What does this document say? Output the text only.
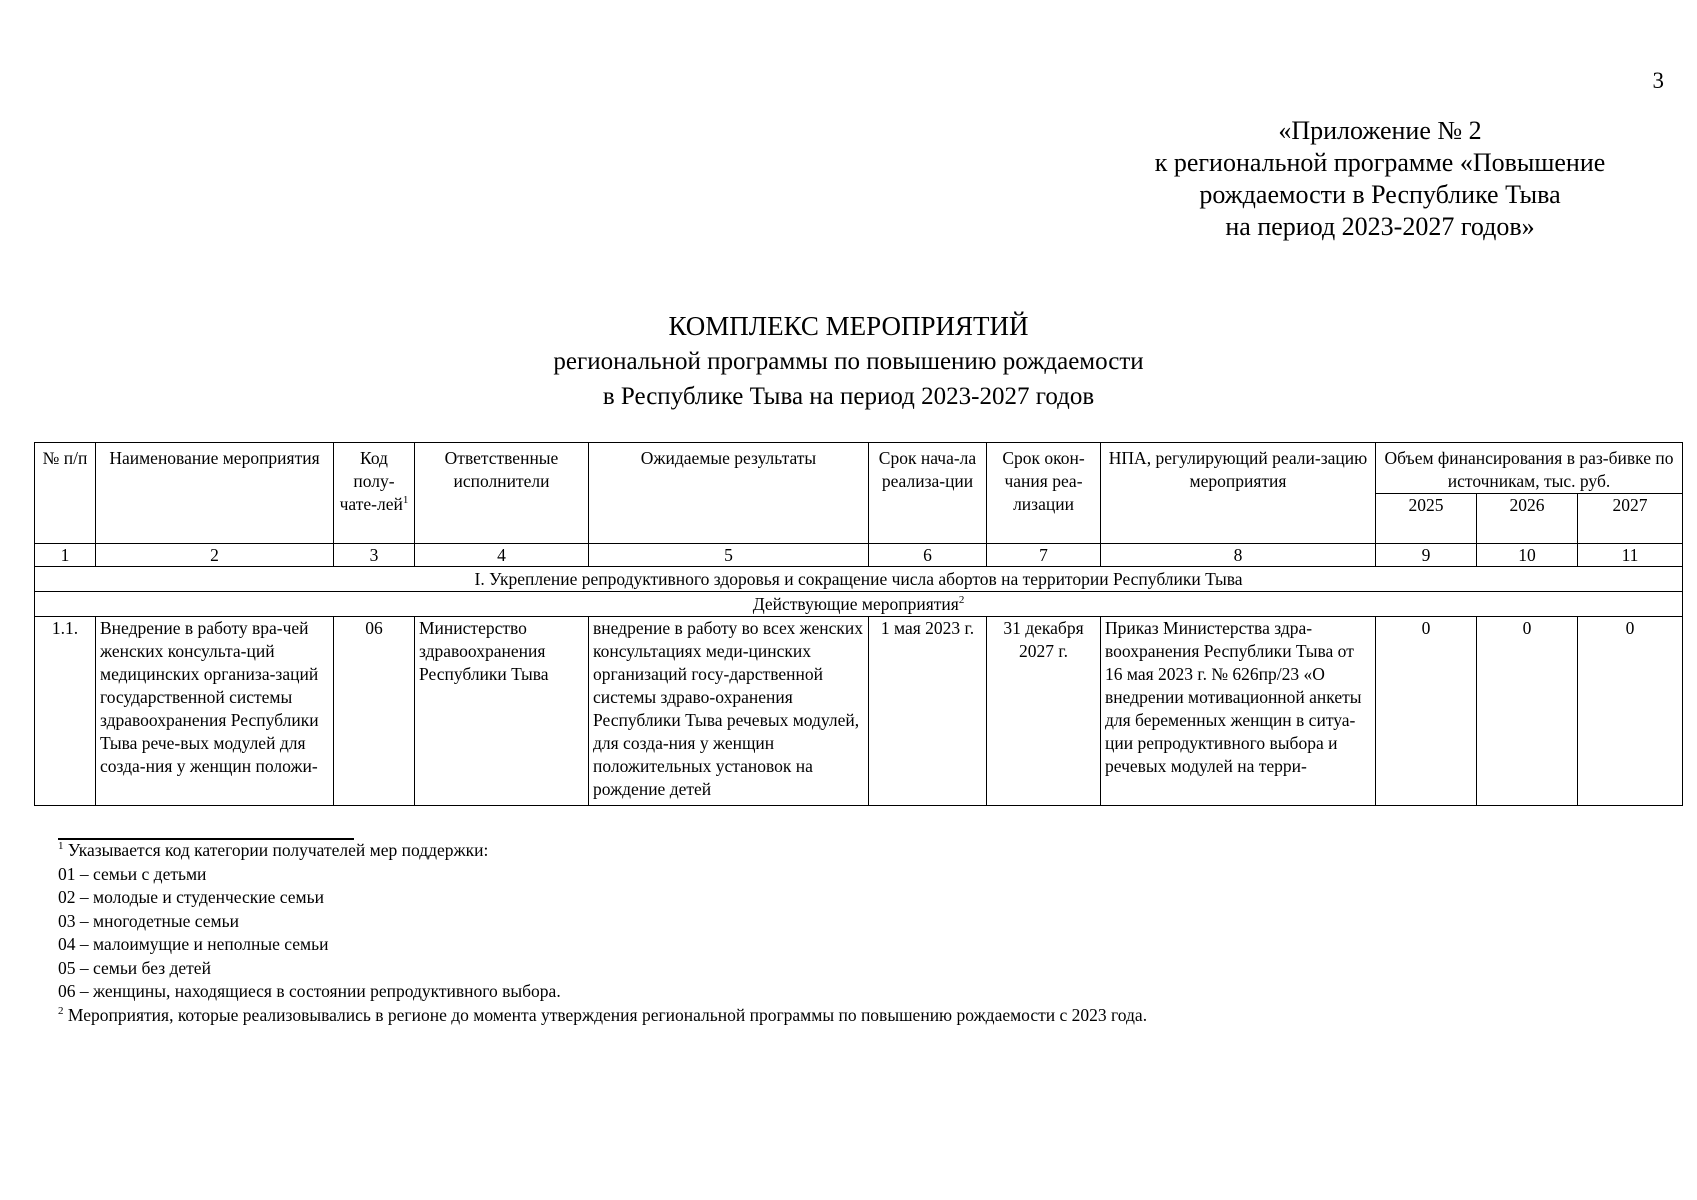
3
«Приложение № 2
к региональной программе «Повышение
рождаемости в Республике Тыва
на период 2023-2027 годов»
КОМПЛЕКС МЕРОПРИЯТИЙ
региональной программы по повышению рождаемости
в Республике Тыва на период 2023-2027 годов
№ п/п	Наименование мероприятия	Код полу-чате-лей$^1$	Ответственные исполнители	Ожидаемые результаты	Срок нача-ла реализа-ции	Срок окон-чания реа-лизации	НПА, регулирующий реали-зацию мероприятия	Объем финансирования в раз-бивке по источникам, тыс. руб.		
								2025	2026	2027
1	2	3	4	5	6	7	8	9	10	11
I. Укрепление репродуктивного здоровья и сокращение числа абортов на территории Республики Тыва										
Действующие мероприятия$^2$
1.1.	Внедрение в работу вра-чей женских консульта-ций медицинских организа-заций государственной системы здравоохранения Республики Тыва рече-вых модулей для созда-ния у женщин положи-	06	Министерство здравоохранения Республики Тыва	внедрение в работу во всех женских консультациях меди-цинских организаций госу-дарственной системы здраво-охранения Республики Тыва речевых модулей, для созда-ния у женщин положительных установок на рождение детей	1 мая 2023 г.	31 декабря 2027 г.	Приказ Министерства здра-воохранения Республики Тыва от 16 мая 2023 г. № 626пр/23 «О внедрении мотивационной анкеты для беременных женщин в ситуа-ции репродуктивного выбора и речевых модулей на терри-	0	0	0
$^1$ Указывается код категории получателей мер поддержки:
01 – семьи с детьми
02 – молодые и студенческие семьи
03 – многодетные семьи
04 – малоимущие и неполные семьи
05 – семьи без детей
06 – женщины, находящиеся в состоянии репродуктивного выбора.
$^2$ Мероприятия, которые реализовывались в регионе до момента утверждения региональной программы по повышению рождаемости с 2023 года.
